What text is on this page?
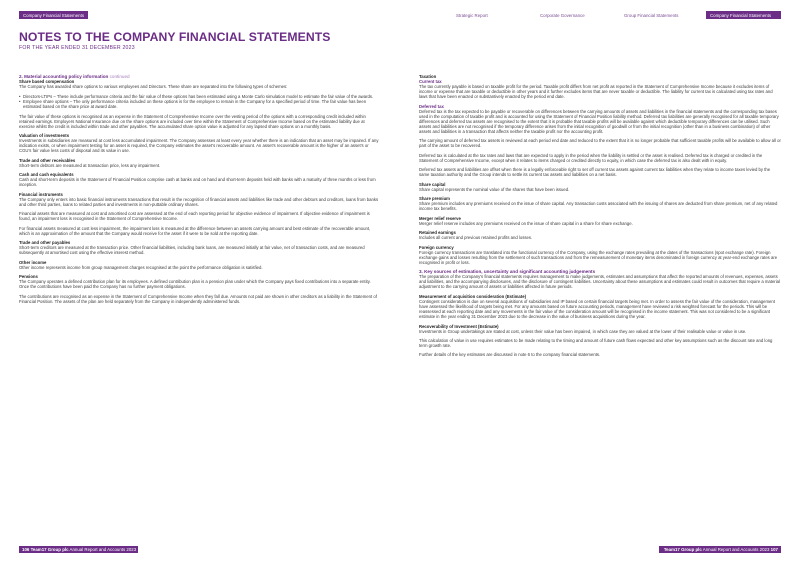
Company Financial Statements	Strategic Report	Corporate Governance	Group Financial Statements	Company Financial Statements
NOTES TO THE COMPANY FINANCIAL STATEMENTS
FOR THE YEAR ENDED 31 DECEMBER 2023
2. Material accounting policy information continued
Share based compensation

The Company has awarded share options to various employees and Directors. These share are separated into the following types of schemes:

• Directors-LTIPs – These include performance criteria and the fair value of these options has been estimated using a Monte Carlo simulation model to estimate the fair value of the awards.
• Employee share options – The only performance criteria included on these options is for the employee to remain in the Company for a specified period of time. The fair value has been estimated based on the share price at award date.

The fair value of these options is recognised as an expense in the Statement of Comprehensive Income over the vesting period of the options with a corresponding credit included within retained earnings. Employers National Insurance due on the share options are included over time within the Statement of Comprehensive Income based on the estimated liability due at exercise whilst the credit is included within trade and other payables. The accumulated share option value is adjusted for any lapsed share options on a monthly basis.

Valuation of investments

Investments in subsidiaries are measured at cost less accumulated impairment. The Company assesses at least every year whether there is an indication that an asset may be impaired. If any indication exists, or when impairment testing for an asset is required, the Company estimates the asset’s recoverable amount. An asset’s recoverable amount is the higher of an asset’s or CGU’s fair value less costs of disposal and its value in use.

Trade and other receivables

Short-term debtors are measured at transaction price, less any impairment.

Cash and cash equivalents

Cash and short-term deposits in the Statement of Financial Position comprise cash at banks and on hand and short-term deposits held with banks with a maturity of three months or less from inception.

Financial instruments

The Company only enters into basic financial instruments transactions that result in the recognition of financial assets and liabilities like trade and other debtors and creditors, loans from banks and other third parties, loans to related parties and investments in non-puttable ordinary shares.

Financial assets that are measured at cost and amortised cost are assessed at the end of each reporting period for objective evidence of impairment. If objective evidence of impairment is found, an impairment loss is recognised in the Statement of Comprehensive Income.

For financial assets measured at cost less impairment, the impairment loss is measured at the difference between an assets carrying amount and best estimate of the recoverable amount, which is an approximation of the amount that the Company would receive for the asset if it were to be sold at the reporting date.

Trade and other payables

Short-term creditors are measured at the transaction price. Other financial liabilities, including bank loans, are measured initially at fair value, net of transaction costs, and are measured subsequently at amortised cost using the effective interest method.

Other income

Other income represents income from group management charges recognised at the point the performance obligation is satisfied.

Pensions

The Company operates a defined contribution plan for its employees. A defined contribution plan is a pension plan under which the Company pays fixed contributions into a separate entity. Once the contributions have been paid the Company has no further payment obligations.

The contributions are recognised as an expense in the Statement of Comprehensive Income when they fall due. Amounts not paid are shown in other creditors as a liability in the Statement of Financial Position. The assets of the plan are held separately from the Company in independently administered funds.

Taxation
Current tax

The tax currently payable is based on taxable profit for the period. Taxable profit differs from net profit as reported in the Statement of Comprehensive Income because it excludes items of income or expense that are taxable or deductible in other years and it further excludes items that are never taxable or deductible. The liability for current tax is calculated using tax rates and laws that have been enacted or substantively enacted by the period end date.

Deferred tax

Deferred tax is the tax expected to be payable or recoverable on differences between the carrying amounts of assets and liabilities in the financial statements and the corresponding tax bases used in the computation of taxable profit and is accounted for using the Statement of Financial Position liability method. Deferred tax liabilities are generally recognised for all taxable temporary differences and deferred tax assets are recognised to the extent that it is probable that taxable profits will be available against which deductible temporary differences can be utilised. Such assets and liabilities are not recognised if the temporary difference arises from the initial recognition of goodwill or from the initial recognition (other than in a business combination) of other assets and liabilities in a transaction that affects neither the taxable profit nor the accounting profit.

The carrying amount of deferred tax assets is reviewed at each period end date and reduced to the extent that it is no longer probable that sufficient taxable profits will be available to allow all or part of the asset to be recovered.

Deferred tax is calculated at the tax rates and laws that are expected to apply in the period when the liability is settled or the asset is realised. Deferred tax is charged or credited in the Statement of Comprehensive Income, except when it relates to items charged or credited directly to equity, in which case the deferred tax is also dealt with in equity.

Deferred tax assets and liabilities are offset when there is a legally enforceable right to set off current tax assets against current tax liabilities when they relate to income taxes levied by the same taxation authority and the Group intends to settle its current tax assets and liabilities on a net basis.

Share capital

Share capital represents the nominal value of the shares that have been issued.

Share premium

Share premium includes any premiums received on the issue of share capital. Any transaction costs associated with the issuing of shares are deducted from share premium, net of any related income tax benefits.

Merger relief reserve

Merger relief reserve includes any premiums received on the issue of share capital in a share for share exchange.

Retained earnings

Includes all current and previous retained profits and losses.

Foreign currency

Foreign currency transactions are translated into the functional currency of the Company, using the exchange rates prevailing at the dates of the transactions (spot exchange rate). Foreign exchange gains and losses resulting from the settlement of such transactions and from the remeasurement of monetary items denominated in foreign currency at year-end exchange rates are recognised in profit or loss.

3. Key sources of estimation, uncertainty and significant accounting judgements

The preparation of the Company’s financial statements requires management to make judgements, estimates and assumptions that affect the reported amounts of revenues, expenses, assets and liabilities, and the accompanying disclosures, and the disclosure of contingent liabilities. Uncertainty about these assumptions and estimates could result in outcomes that require a material adjustment to the carrying amount of assets or liabilities affected in future periods.

Measurement of acquisition consideration (Estimate)

Contingent consideration is due on several acquisitions of subsidiaries and IP based on certain financial targets being met. In order to assess the fair value of the consideration, management have assessed the likelihood of targets being met. For any amounts based on future accounting periods, management have reviewed a risk weighted forecast for the periods. This will be reassessed at each reporting date and any movements in the fair value of the consideration amount will be recognised in the income statement. This was not considered to be a significant estimate in the year ending 31 December 2023 due to the decrease in the value of business acquisitions during the year.

Recoverability of Investment (Estimate)

Investments in Group undertakings are stated at cost, unless their value has been impaired, in which case they are valued at the lower of their realisable value or value in use.

This calculation of value in use requires estimates to be made relating to the timing and amount of future cash flows expected and other key assumptions such as the discount rate and long term growth rate.

Further details of the key estimates are discussed in note 6 to the company financial statements.

106 Team17 Group plc Annual Report and Accounts 2023	Team17 Group plc Annual Report and Accounts 2023 107
